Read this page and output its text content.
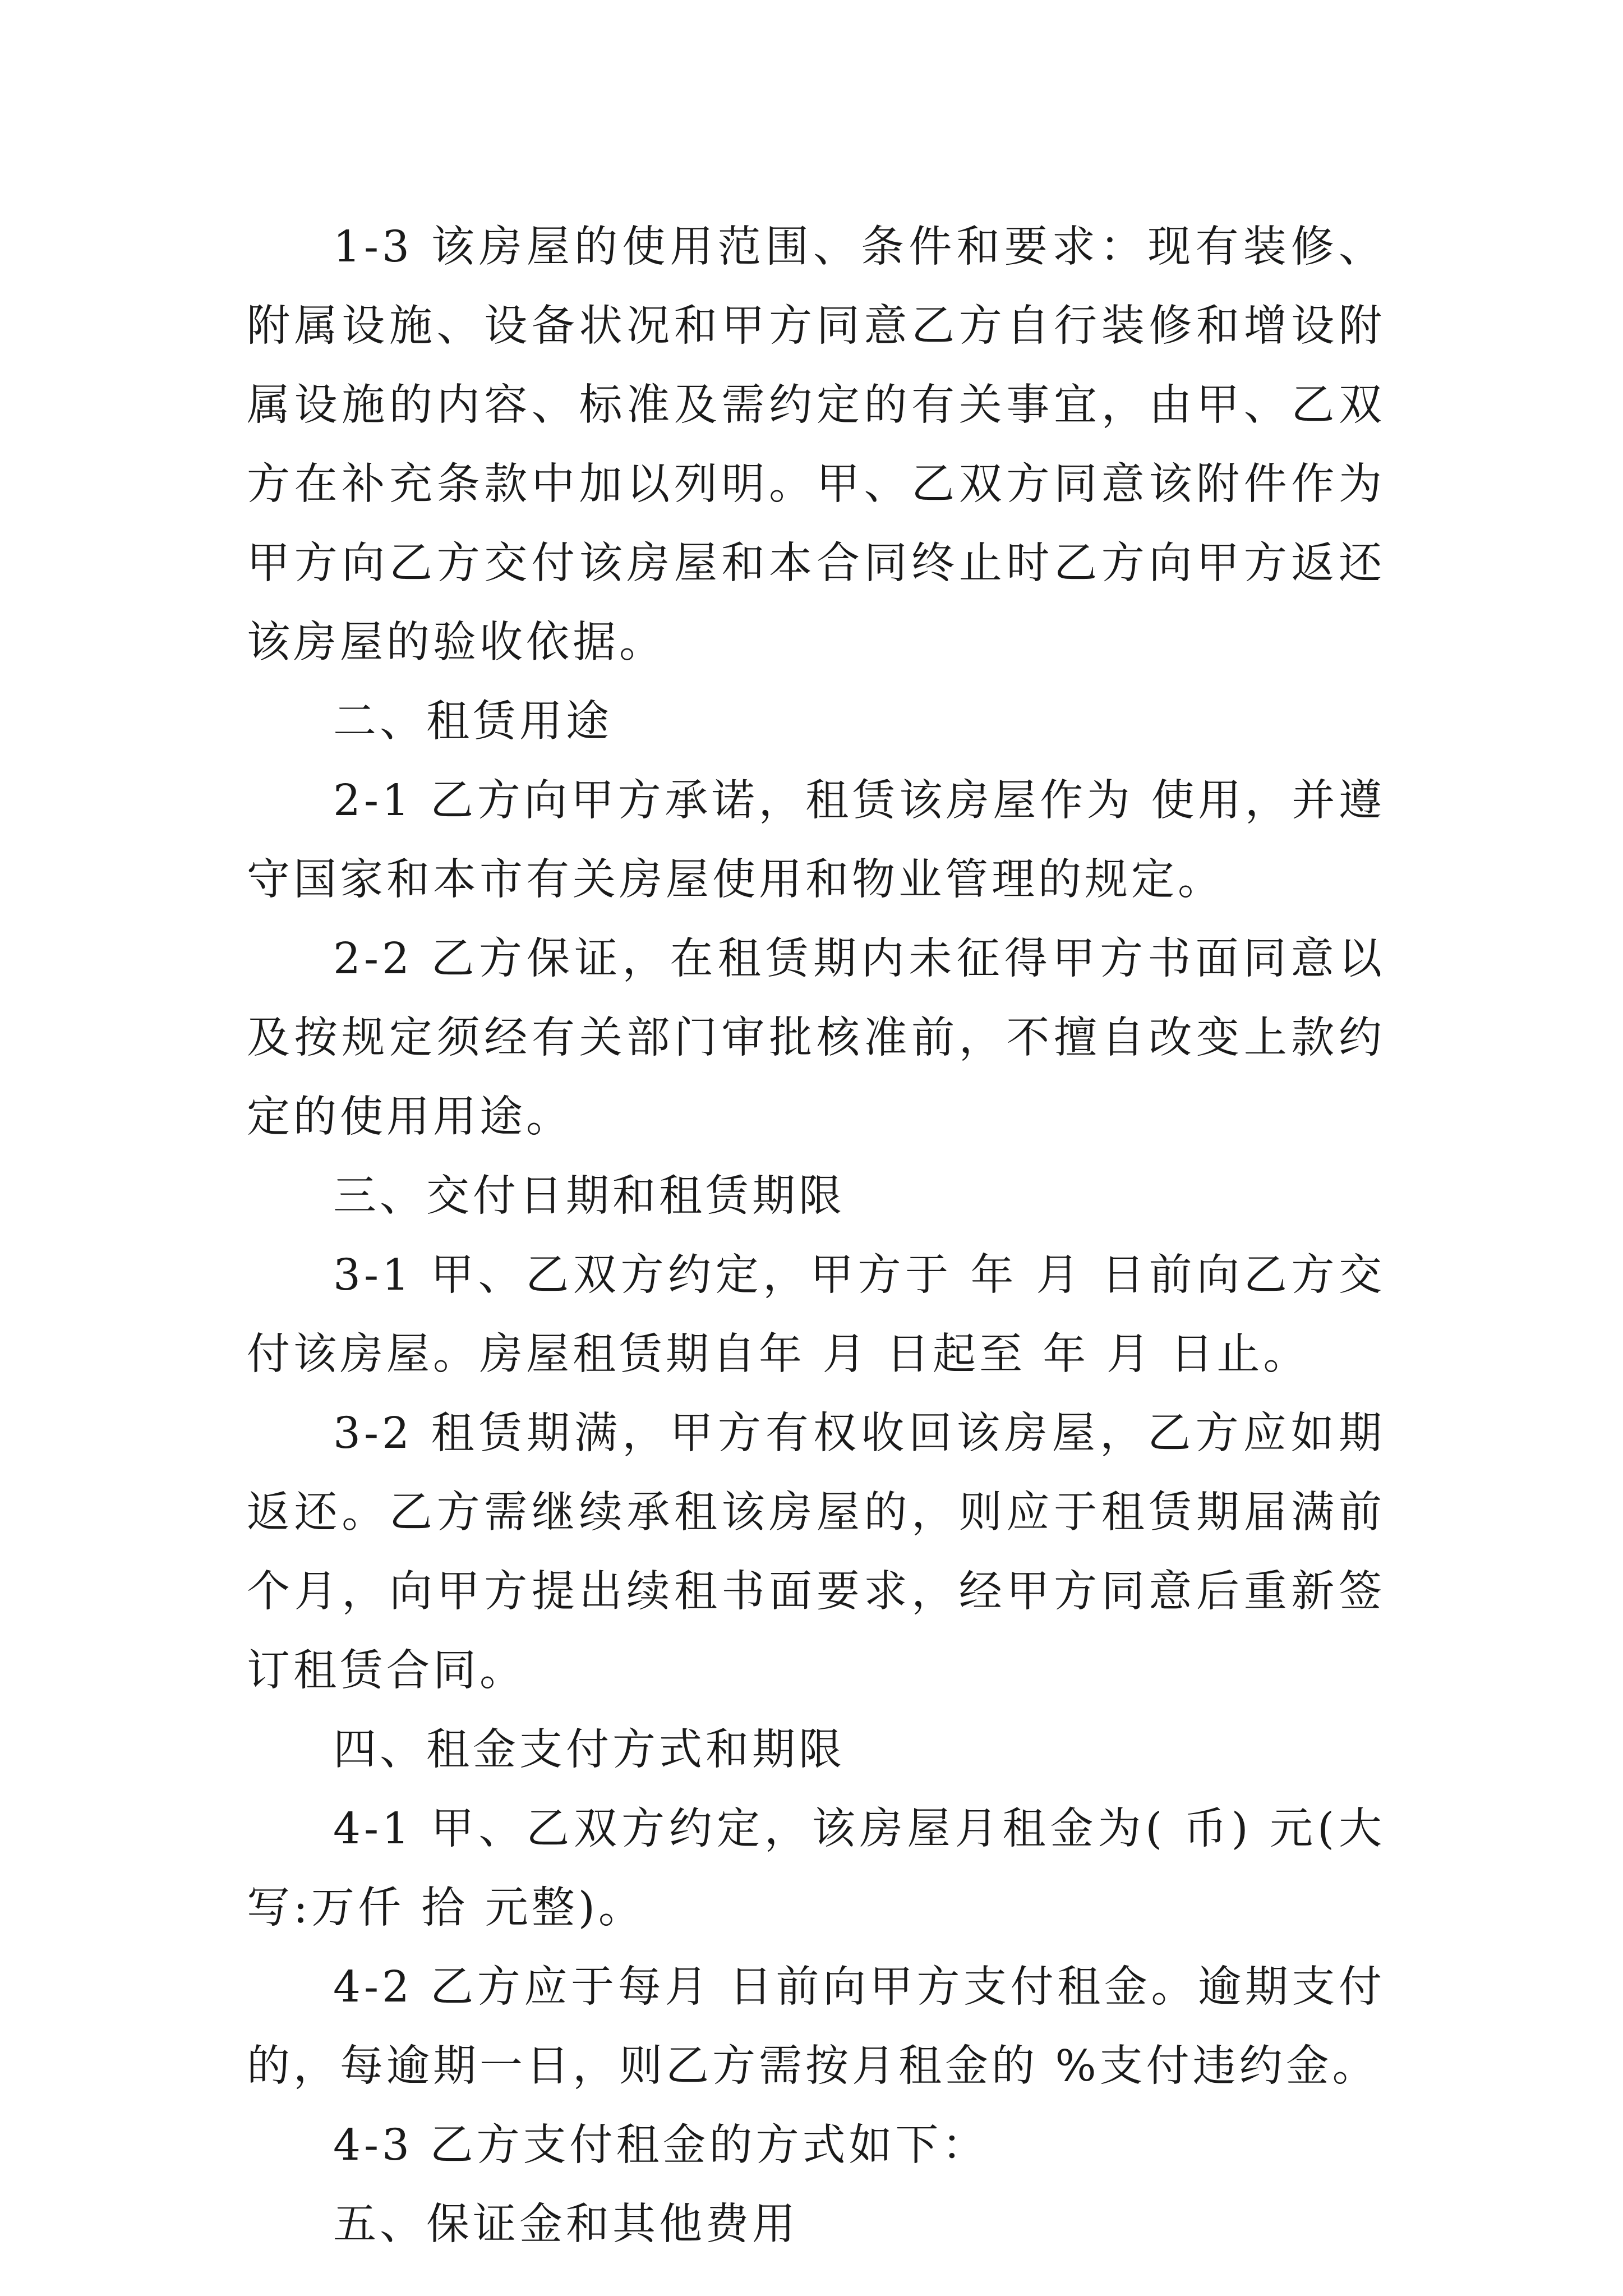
1-3 该房屋的使用范围、条件和要求：现有装修、附属设施、设备状况和甲方同意乙方自行装修和增设附属设施的内容、标准及需约定的有关事宜，由甲、乙双方在补充条款中加以列明。甲、乙双方同意该附件作为甲方向乙方交付该房屋和本合同终止时乙方向甲方返还该房屋的验收依据。

二、租赁用途

2-1 乙方向甲方承诺，租赁该房屋作为 使用，并遵守国家和本市有关房屋使用和物业管理的规定。

2-2 乙方保证，在租赁期内未征得甲方书面同意以及按规定须经有关部门审批核准前，不擅自改变上款约定的使用用途。

三、交付日期和租赁期限

3-1 甲、乙双方约定，甲方于 年 月 日前向乙方交付该房屋。房屋租赁期自年 月 日起至 年 月 日止。

3-2 租赁期满，甲方有权收回该房屋，乙方应如期返还。乙方需继续承租该房屋的，则应于租赁期届满前 个月，向甲方提出续租书面要求，经甲方同意后重新签订租赁合同。

四、租金支付方式和期限

4-1 甲、乙双方约定，该房屋月租金为( 币) 元(大写:万仟 拾 元整)。

4-2 乙方应于每月 日前向甲方支付租金。逾期支付的，每逾期一日，则乙方需按月租金的 %支付违约金。

4-3 乙方支付租金的方式如下：

五、保证金和其他费用
